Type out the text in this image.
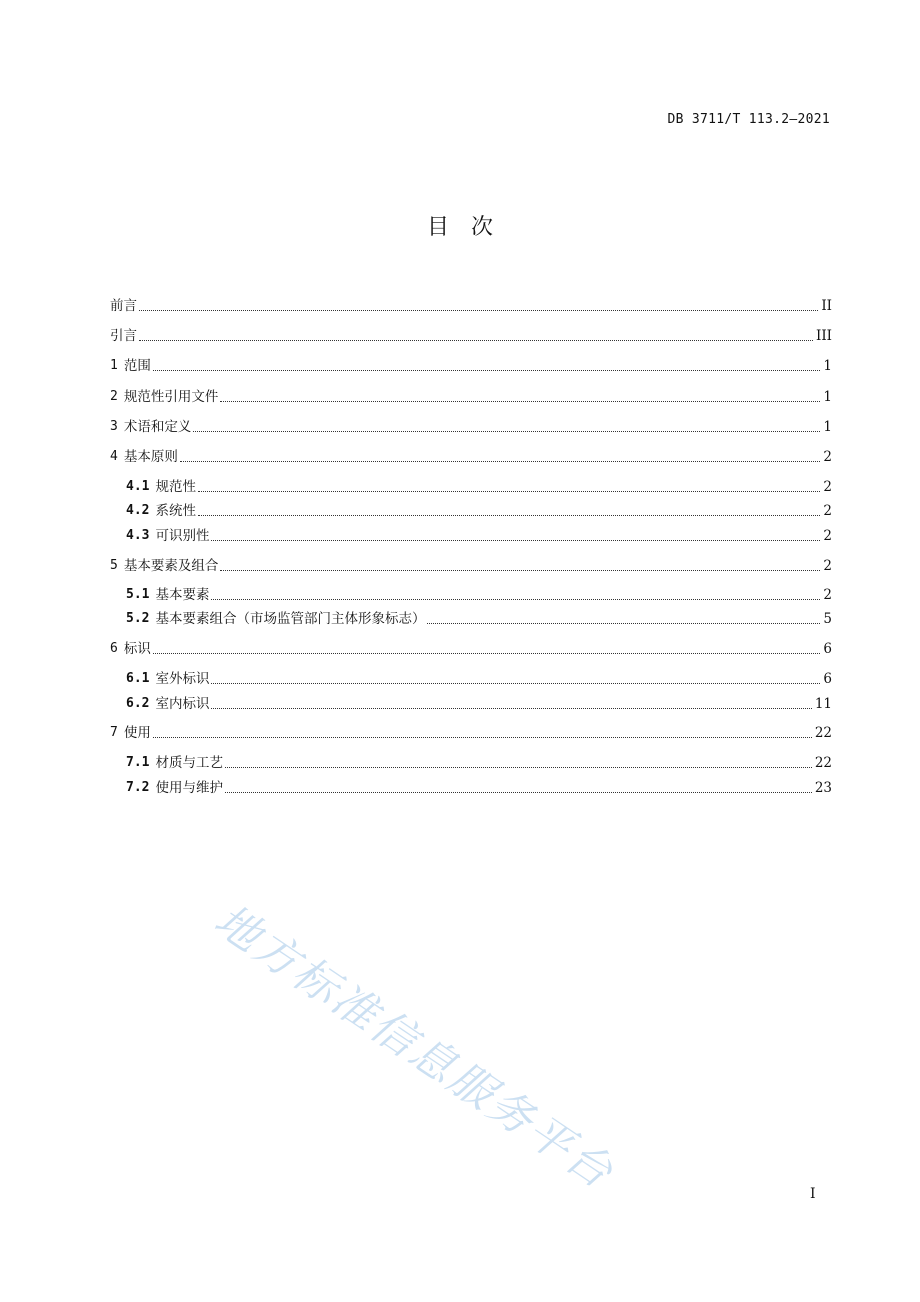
DB 3711/T 113.2—2021
目　次
前言	II
引言	III
1 范围	1
2 规范性引用文件	1
3 术语和定义	1
4 基本原则	2
4.1 规范性	2
4.2 系统性	2
4.3 可识别性	2
5 基本要素及组合	2
5.1 基本要素	2
5.2 基本要素组合（市场监管部门主体形象标志）	5
6 标识	6
6.1 室外标识	6
6.2 室内标识	11
7 使用	22
7.1 材质与工艺	22
7.2 使用与维护	23
I
地方标准信息服务平台
